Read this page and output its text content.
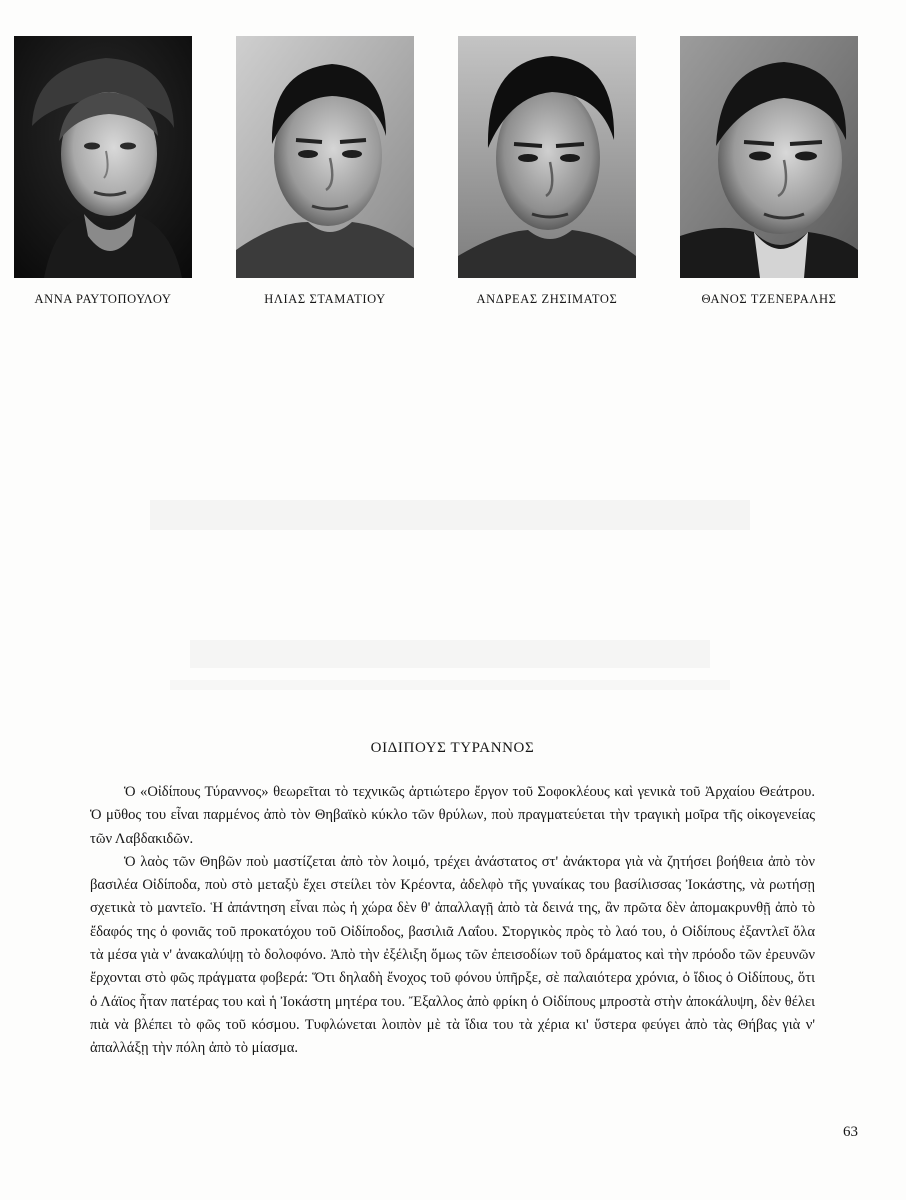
ΑΝΝΑ ΡΑΥΤΟΠΟΥΛΟΥ	ΗΛΙΑΣ ΣΤΑΜΑΤΙΟΥ	ΑΝΔΡΕΑΣ ΖΗΣΙΜΑΤΟΣ	ΘΑΝΟΣ ΤΖΕΝΕΡΑΛΗΣ
ΟΙΔΙΠΟΥΣ ΤΥΡΑΝΝΟΣ

Ὁ «Οἰδίπους Τύραννος» θεωρεῖται τὸ τεχνικῶς ἀρτιώτερο ἔργον τοῦ Σοφοκλέους καὶ γενικὰ τοῦ Ἀρχαίου Θεάτρου. Ὁ μῦθος του εἶναι παρμένος ἀπὸ τὸν Θηβαϊκὸ κύκλο τῶν θρύλων, ποὺ πραγματεύεται τὴν τραγικὴ μοῖρα τῆς οἰκογενείας τῶν Λαβδακιδῶν.

Ὁ λαὸς τῶν Θηβῶν ποὺ μαστίζεται ἀπὸ τὸν λοιμό, τρέχει ἀνάστατος στ' ἀνάκτορα γιὰ νὰ ζητήσει βοήθεια ἀπὸ τὸν βασιλέα Οἰδίποδα, ποὺ στὸ μεταξὺ ἔχει στείλει τὸν Κρέοντα, ἀδελφὸ τῆς γυναίκας του βασίλισσας Ἰοκάστης, νὰ ρωτήσῃ σχετικὰ τὸ μαντεῖο. Ἡ ἀπάντηση εἶναι πὼς ἡ χώρα δὲν θ' ἀπαλλαγῇ ἀπὸ τὰ δεινά της, ἂν πρῶτα δὲν ἀπομακρυνθῇ ἀπὸ τὸ ἔδαφός της ὁ φονιᾶς τοῦ προκατόχου τοῦ Οἰδίποδος, βασιλιᾶ Λαΐου. Στοργικὸς πρὸς τὸ λαό του, ὁ Οἰδίπους ἐξαντλεῖ ὅλα τὰ μέσα γιὰ ν' ἀνακαλύψῃ τὸ δολοφόνο. Ἀπὸ τὴν ἐξέλιξη ὅμως τῶν ἐπεισοδίων τοῦ δράματος καὶ τὴν πρόοδο τῶν ἐρευνῶν ἔρχονται στὸ φῶς πράγματα φοβερά: Ὅτι δηλαδὴ ἔνοχος τοῦ φόνου ὑπῆρξε, σὲ παλαιότερα χρόνια, ὁ ἴδιος ὁ Οἰδίπους, ὅτι ὁ Λάϊος ἦταν πατέρας του καὶ ἡ Ἰοκάστη μητέρα του. Ἔξαλλος ἀπὸ φρίκη ὁ Οἰδίπους μπροστὰ στὴν ἀποκάλυψη, δὲν θέλει πιὰ νὰ βλέπει τὸ φῶς τοῦ κόσμου. Τυφλώνεται λοιπὸν μὲ τὰ ἴδια του τὰ χέρια κι' ὕστερα φεύγει ἀπὸ τὰς Θήβας γιὰ ν' ἀπαλλάξῃ τὴν πόλη ἀπὸ τὸ μίασμα.

63
